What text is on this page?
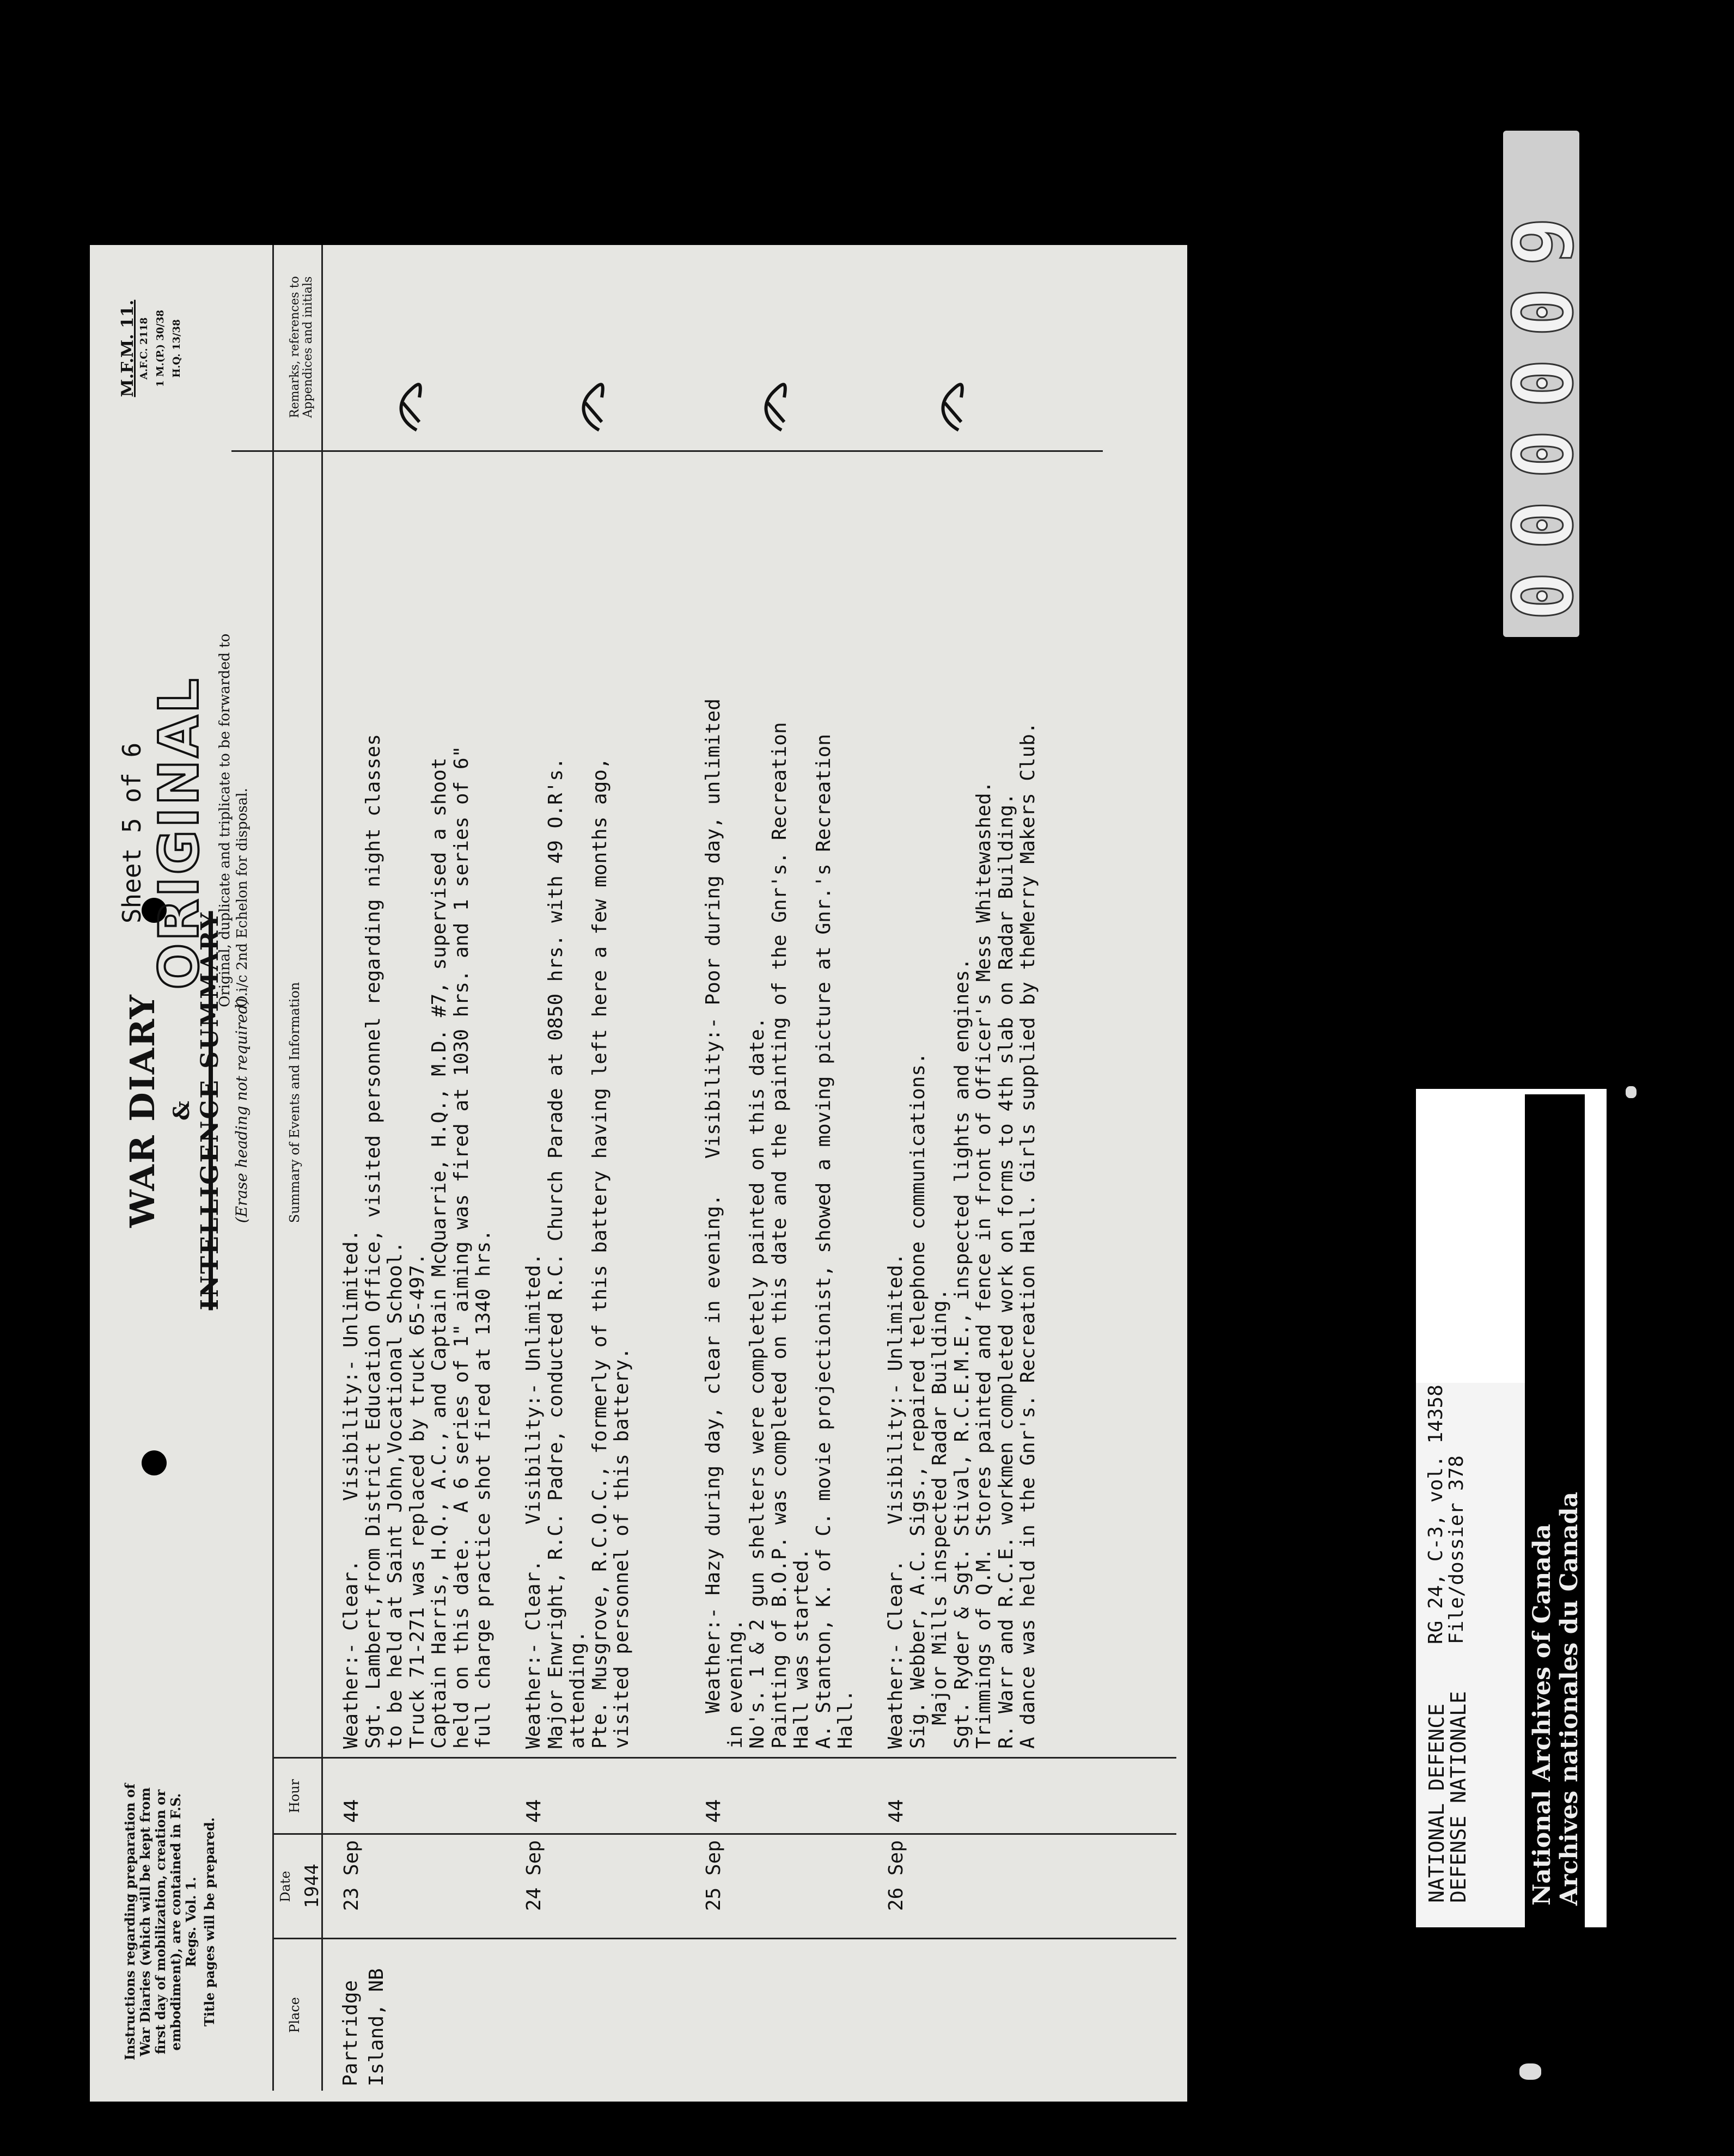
Instructions regarding preparation of War Diaries (which will be kept from first day of mobilization, creation or embodiment), are contained in F.S. Regs. Vol. 1. Title pages will be prepared.
WAR DIARY & INTELLIGENCE SUMMARY (Erase heading not required)
Sheet 5 of 6 ORIGINAL Original, duplicate and triplicate to be forwarded to O.i/c 2nd Echelon for disposal.
M.F.M. 11. A.F.C. 2118 1 M.(P.) 30/38 H.Q. 13/38
Place
Date 1944
Hour
Summary of Events and Information
Remarks, references to Appendices and initials
Partridge
Island, NB
23 Sep
44
Weather:- Clear.     Visibility:- Unlimited.
Sgt. Lambert,from District Education Office, visited personnel regarding night classes
to be held at Saint John,Vocational School.
Truck 71-271 was replaced by truck 65-497.
Captain Harris, H.Q., A.C., and Captain McQuarrie, H.Q., M.D. #7, supervised a shoot
held on this date.  A 6 series of 1" aiming was fired at 1030 hrs. and 1 series of 6"
full charge practice shot fired at 1340 hrs.
24 Sep
44
Weather:- Clear.   Visibility:- Unlimited.
Major Enwright, R.C. Padre, conducted R.C. Church Parade at 0850 hrs. with 49 O.R's.
attending.
Pte. Musgrove, R.C.O.C., formerly of this battery having left here a few months ago,
visited personnel of this battery.
25 Sep
44
Weather:- Hazy during day, clear in evening.   Visibility:- Poor during day, unlimited
in evening.
No's. 1 & 2 gun shelters were completely painted on this date.
Painting of B.O.P. was completed on this date and the painting of the Gnr's. Recreation
Hall was started.
A. Stanton, K. of C. movie projectionist, showed a moving picture at Gnr.'s Recreation
Hall.
26 Sep
44
Weather:- Clear.   Visibility:- Unlimited.
Sig. Webber, A.C. Sigs., repaired telephone communications.
Major Mills inspected Radar Building.
Sgt. Ryder & Sgt. Stival, R.C.E.M.E., inspected lights and engines.
Trimmings of Q.M. Stores painted and fence in front of Officer's Mess Whitewashed.
R. Warr and R.C.E. workmen completed work on forms to 4th slab on Radar Building.
A dance was held in the Gnr's. Recreation Hall. Girls supplied by theMerry Makers Club.
000009
NATIONAL DEFENCE
DEFENSE NATIONALE
RG 24, C-3, vol. 14358
File/dossier 378	National Archives of Canada Archives nationales du Canada
